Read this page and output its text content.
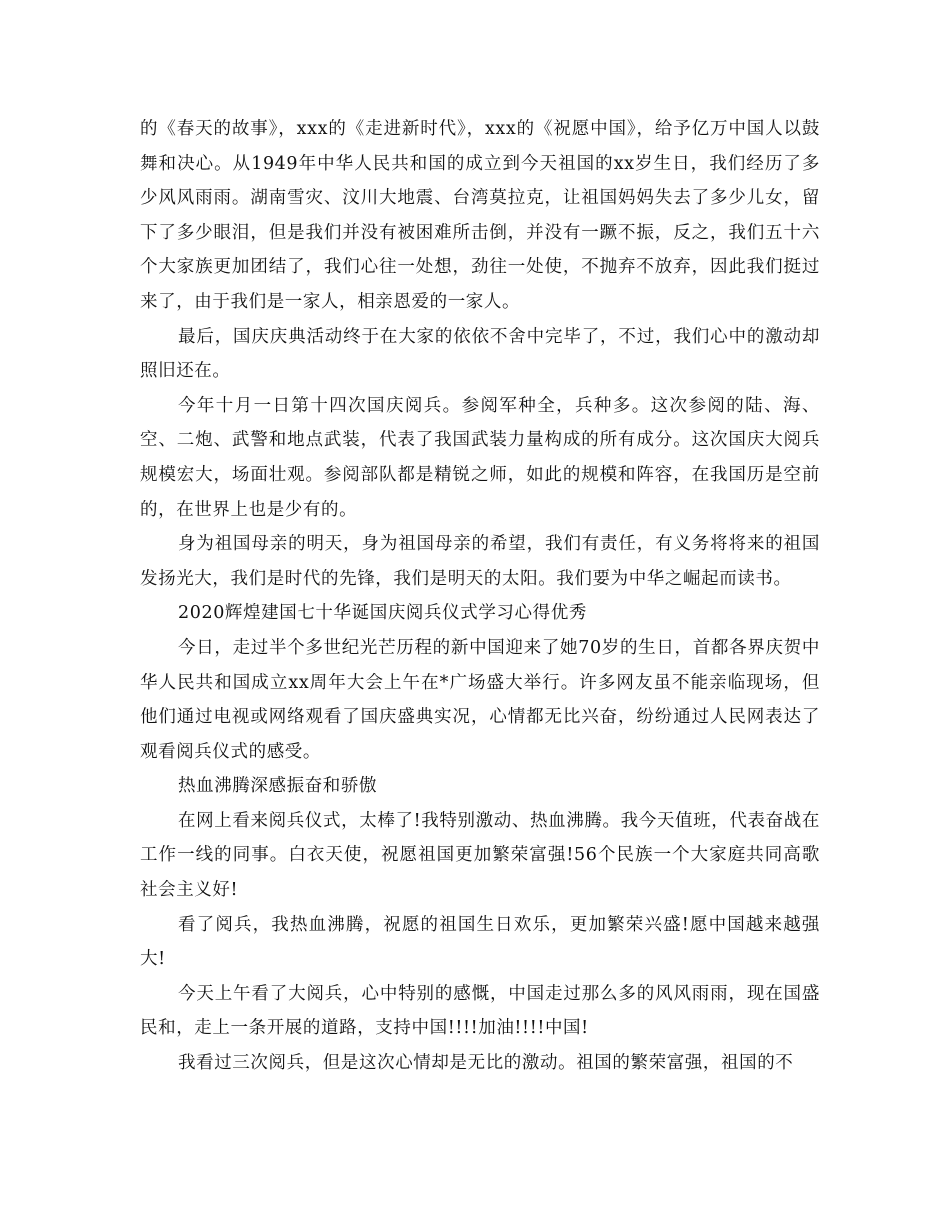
的《春天的故事》，xxx的《走进新时代》，xxx的《祝愿中国》，给予亿万中国人以鼓舞和决心。从1949年中华人民共和国的成立到今天祖国的xx岁生日，我们经历了多少风风雨雨。湖南雪灾、汶川大地震、台湾莫拉克，让祖国妈妈失去了多少儿女，留下了多少眼泪，但是我们并没有被困难所击倒，并没有一蹶不振，反之，我们五十六个大家族更加团结了，我们心往一处想，劲往一处使，不抛弃不放弃，因此我们挺过来了，由于我们是一家人，相亲恩爱的一家人。

最后，国庆庆典活动终于在大家的依依不舍中完毕了，不过，我们心中的激动却照旧还在。

今年十月一日第十四次国庆阅兵。参阅军种全，兵种多。这次参阅的陆、海、空、二炮、武警和地点武装，代表了我国武装力量构成的所有成分。这次国庆大阅兵规模宏大，场面壮观。参阅部队都是精锐之师，如此的规模和阵容，在我国历是空前的，在世界上也是少有的。

身为祖国母亲的明天，身为祖国母亲的希望，我们有责任，有义务将将来的祖国发扬光大，我们是时代的先锋，我们是明天的太阳。我们要为中华之崛起而读书。

2020辉煌建国七十华诞国庆阅兵仪式学习心得优秀

今日，走过半个多世纪光芒历程的新中国迎来了她70岁的生日，首都各界庆贺中华人民共和国成立xx周年大会上午在*广场盛大举行。许多网友虽不能亲临现场，但他们通过电视或网络观看了国庆盛典实况，心情都无比兴奋，纷纷通过人民网表达了观看阅兵仪式的感受。

热血沸腾深感振奋和骄傲

在网上看来阅兵仪式，太棒了!我特别激动、热血沸腾。我今天值班，代表奋战在工作一线的同事。白衣天使，祝愿祖国更加繁荣富强!56个民族一个大家庭共同高歌社会主义好!

看了阅兵，我热血沸腾，祝愿的祖国生日欢乐，更加繁荣兴盛!愿中国越来越强大!

今天上午看了大阅兵，心中特别的感慨，中国走过那么多的风风雨雨，现在国盛民和，走上一条开展的道路，支持中国!!!!加油!!!!中国!

我看过三次阅兵，但是这次心情却是无比的激动。祖国的繁荣富强，祖国的不
